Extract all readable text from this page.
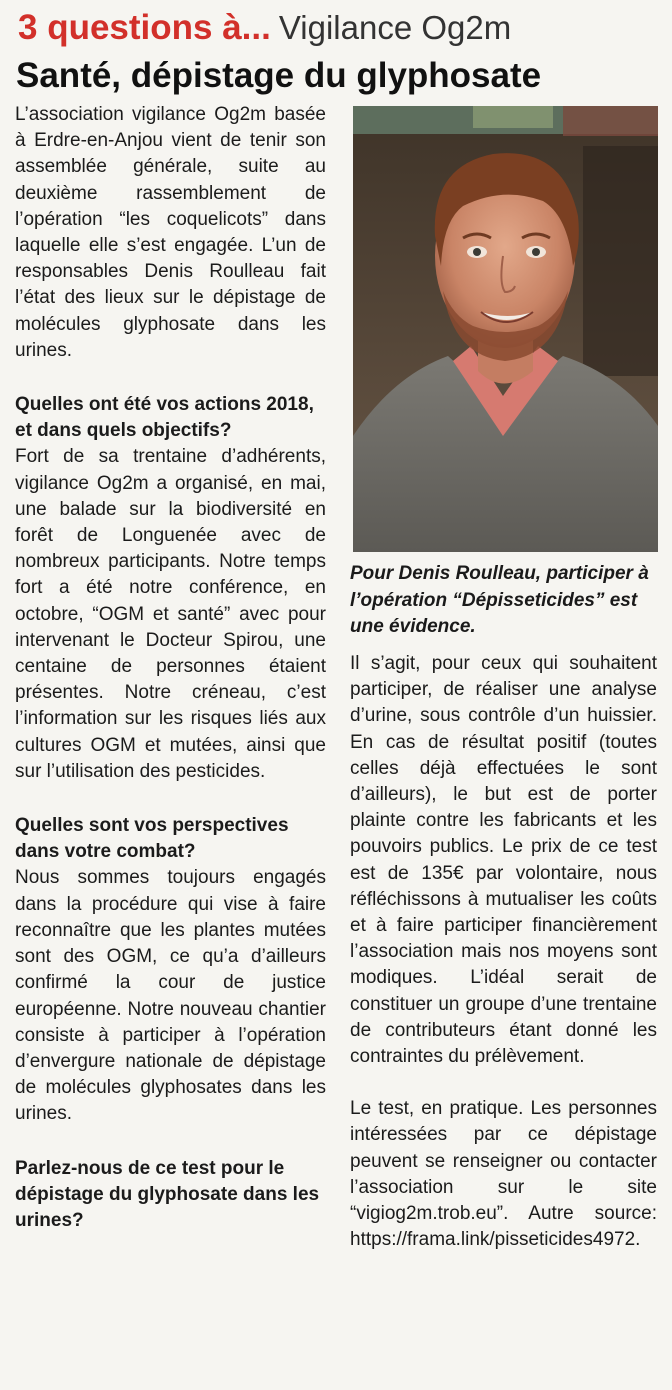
3 questions à... Vigilance Og2m
Santé, dépistage du glyphosate

L’association vigilance Og2m basée à Erdre-en-Anjou vient de tenir son assemblée générale, suite au deuxième rassemblement de l’opération “les coquelicots” dans laquelle elle s’est engagée. L’un de responsables Denis Roulleau fait l’état des lieux sur le dépistage de molécules glyphosate dans les urines.

Quelles ont été vos actions 2018, et dans quels objectifs?

Fort de sa trentaine d’adhérents, vigilance Og2m a organisé, en mai, une balade sur la biodiversité en forêt de Longuenée avec de nombreux participants. Notre temps fort a été notre conférence, en octobre, “OGM et santé” avec pour intervenant le Docteur Spirou, une centaine de personnes étaient présentes. Notre créneau, c’est l’information sur les risques liés aux cultures OGM et mutées, ainsi que sur l’utilisation des pesticides.

Quelles sont vos perspectives dans votre combat?

Nous sommes toujours engagés dans la procédure qui vise à faire reconnaître que les plantes mutées sont des OGM, ce qu’a d’ailleurs confirmé la cour de justice européenne. Notre nouveau chantier consiste à participer à l’opération d’envergure nationale de dépistage de molécules glyphosates dans les urines.

Parlez-nous de ce test pour le dépistage du glyphosate dans les urines?
Pour Denis Roulleau, participer à l’opération “Dépisseticides” est une évidence.

Il s’agit, pour ceux qui souhaitent participer, de réaliser une analyse d’urine, sous contrôle d’un huissier. En cas de résultat positif (toutes celles déjà effectuées le sont d’ailleurs), le but est de porter plainte contre les fabricants et les pouvoirs publics. Le prix de ce test est de 135€ par volontaire, nous réfléchissons à mutualiser les coûts et à faire participer financièrement l’association mais nos moyens sont modiques. L’idéal serait de constituer un groupe d’une trentaine de contributeurs étant donné les contraintes du prélèvement.

Le test, en pratique. Les personnes intéressées par ce dépistage peuvent se renseigner ou contacter l’association sur le site “vigiog2m.trob.eu”. Autre source: https://frama.link/pisseticides4972.
